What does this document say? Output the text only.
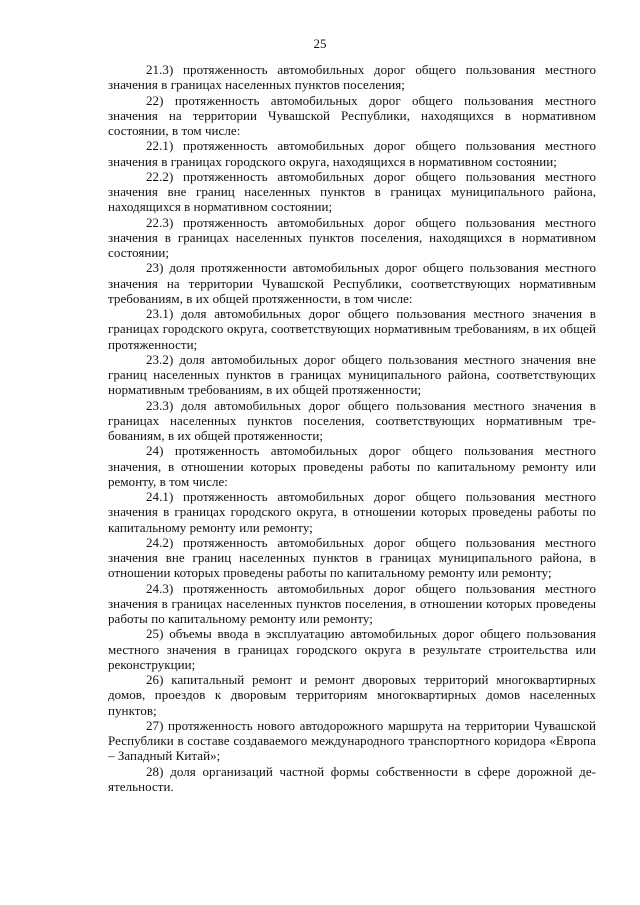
25

21.3) протяженность автомобильных дорог общего пользования местного значения в границах населенных пунктов поселения;

22) протяженность автомобильных дорог общего пользования местного значения на территории Чувашской Республики, находящихся в нормативном состоянии, в том числе:

22.1) протяженность автомобильных дорог общего пользования местного значения в границах городского округа, находящихся в нормативном состоянии;

22.2) протяженность автомобильных дорог общего пользования местного значения вне границ населенных пунктов в границах муниципального района, находящихся в нормативном состоянии;

22.3) протяженность автомобильных дорог общего пользования местного значения в границах населенных пунктов поселения, находящихся в нормативном состоянии;

23) доля протяженности автомобильных дорог общего пользования местного значения на территории Чувашской Республики, соответствующих нормативным требованиям, в их общей протяженности, в том числе:

23.1) доля автомобильных дорог общего пользования местного значения в границах городского округа, соответствующих нормативным требованиям, в их общей протяженности;

23.2) доля автомобильных дорог общего пользования местного значения вне границ населенных пунктов в границах муниципального района, соответствующих нормативным требованиям, в их общей протяженности;

23.3) доля автомобильных дорог общего пользования местного значения в границах населенных пунктов поселения, соответствующих нормативным требованиям, в их общей протяженности;

24) протяженность автомобильных дорог общего пользования местного значения, в отношении которых проведены работы по капитальному ремонту или ремонту, в том числе:

24.1) протяженность автомобильных дорог общего пользования местного значения в границах городского округа, в отношении которых проведены работы по капитальному ремонту или ремонту;

24.2) протяженность автомобильных дорог общего пользования местного значения вне границ населенных пунктов в границах муниципального района, в отношении которых проведены работы по капитальному ремонту или ремонту;

24.3) протяженность автомобильных дорог общего пользования местного значения в границах населенных пунктов поселения, в отношении которых проведены работы по капитальному ремонту или ремонту;

25) объемы ввода в эксплуатацию автомобильных дорог общего пользования местного значения в границах городского округа в результате строительства или реконструкции;

26) капитальный ремонт и ремонт дворовых территорий многоквартирных домов, проездов к дворовым территориям многоквартирных домов населенных пунктов;

27) протяженность нового автодорожного маршрута на территории Чувашской Республики в составе создаваемого международного транспортного коридора «Европа – Западный Китай»;

28) доля организаций частной формы собственности в сфере дорожной деятельности.
